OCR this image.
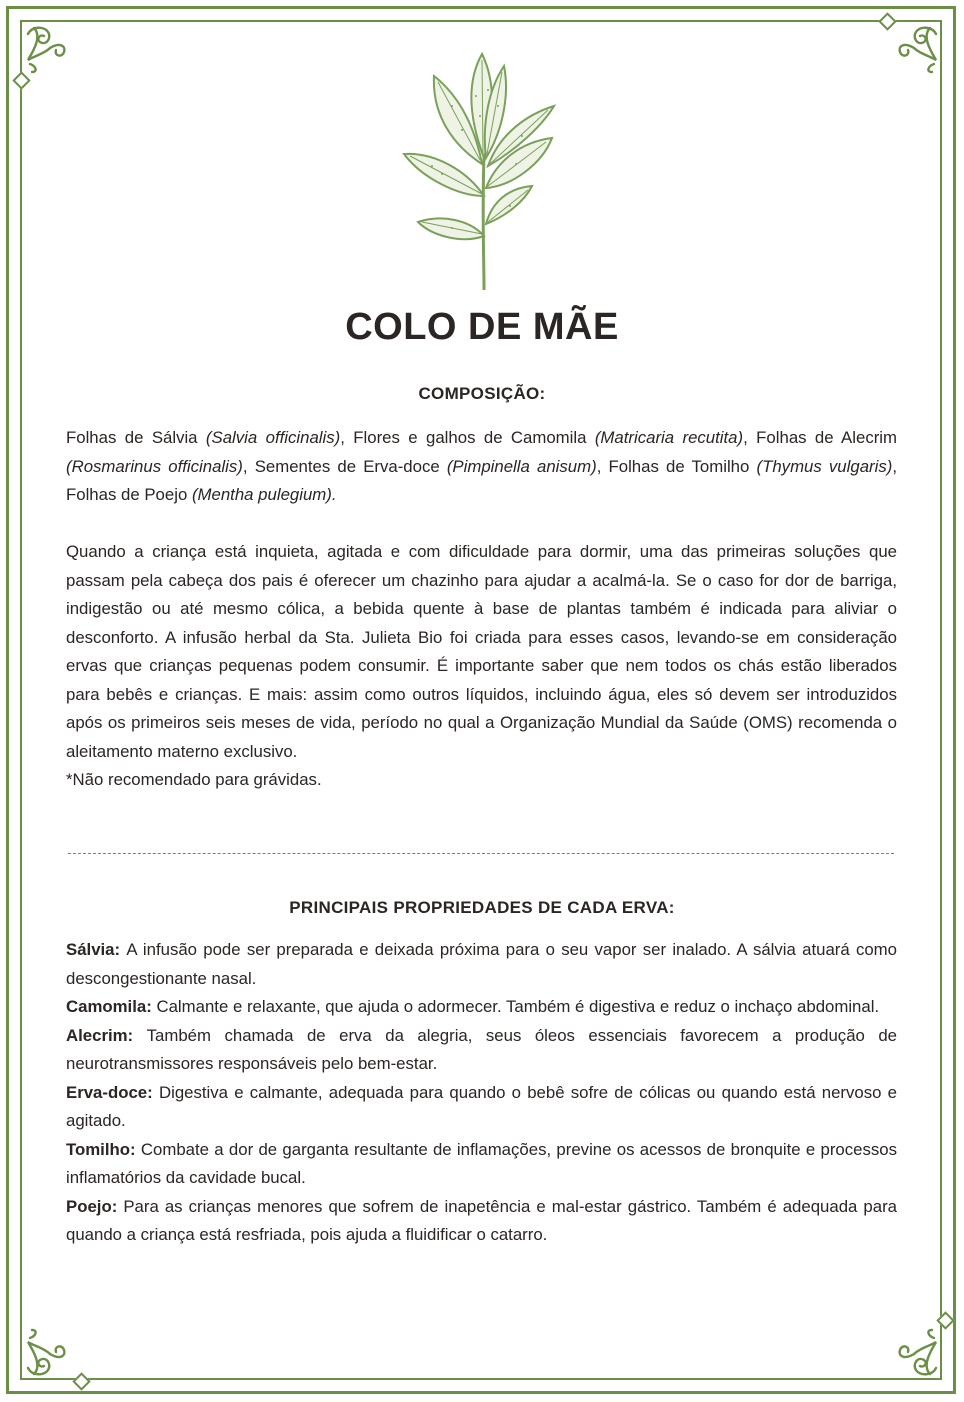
COLO DE MÃE
COMPOSIÇÃO:

Folhas de Sálvia (Salvia officinalis), Flores e galhos de Camomila (Matricaria recutita), Folhas de Alecrim (Rosmarinus officinalis), Sementes de Erva-doce (Pimpinella anisum), Folhas de Tomilho (Thymus vulgaris), Folhas de Poejo (Mentha pulegium).

Quando a criança está inquieta, agitada e com dificuldade para dormir, uma das primeiras soluções que passam pela cabeça dos pais é oferecer um chazinho para ajudar a acalmá-la. Se o caso for dor de barriga, indigestão ou até mesmo cólica, a bebida quente à base de plantas também é indicada para aliviar o desconforto. A infusão herbal da Sta. Julieta Bio foi criada para esses casos, levando-se em consideração ervas que crianças pequenas podem consumir. É importante saber que nem todos os chás estão liberados para bebês e crianças. E mais: assim como outros líquidos, incluindo água, eles só devem ser introduzidos após os primeiros seis meses de vida, período no qual a Organização Mundial da Saúde (OMS) recomenda o aleitamento materno exclusivo.
*Não recomendado para grávidas.
PRINCIPAIS PROPRIEDADES DE CADA ERVA:
Sálvia: A infusão pode ser preparada e deixada próxima para o seu vapor ser inalado. A sálvia atuará como descongestionante nasal.
Camomila: Calmante e relaxante, que ajuda o adormecer. Também é digestiva e reduz o inchaço abdominal.
Alecrim: Também chamada de erva da alegria, seus óleos essenciais favorecem a produção de neurotransmissores responsáveis pelo bem-estar.
Erva-doce: Digestiva e calmante, adequada para quando o bebê sofre de cólicas ou quando está nervoso e agitado.
Tomilho: Combate a dor de garganta resultante de inflamações, previne os acessos de bronquite e processos inflamatórios da cavidade bucal.
Poejo: Para as crianças menores que sofrem de inapetência e mal-estar gástrico. Também é adequada para quando a criança está resfriada, pois ajuda a fluidificar o catarro.
